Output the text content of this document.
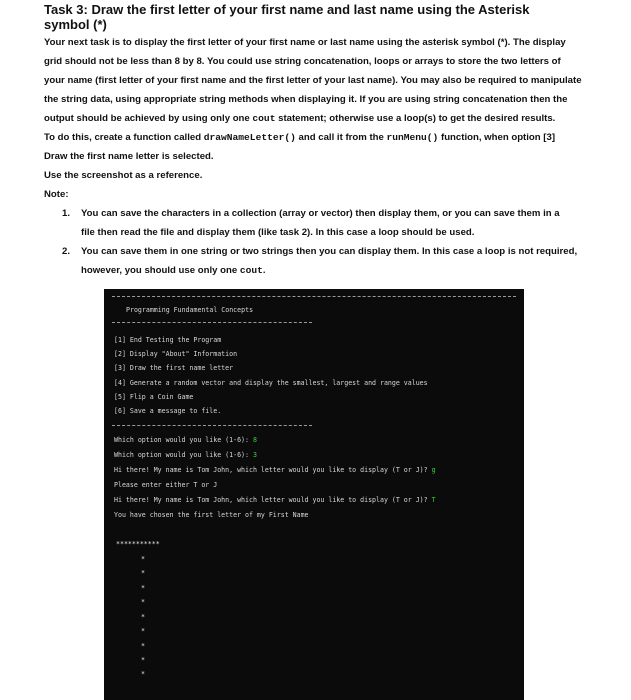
Task 3: Draw the first letter of your first name and last name using the Asterisk
symbol (*)

Your next task is to display the first letter of your first name or last name using the asterisk symbol (*). The display

grid should not be less than 8 by 8. You could use string concatenation, loops or arrays to store the two letters of

your name (first letter of your first name and the first letter of your last name). You may also be required to manipulate

the string data, using appropriate string methods when displaying it. If you are using string concatenation then the

output should be achieved by using only one cout statement; otherwise use a loop(s) to get the desired results.

To do this, create a function called drawNameLetter() and call it from the runMenu() function, when option [3]

Draw the first name letter is selected.

Use the screenshot as a reference.

Note:

1. You can save the characters in a collection (array or vector) then display them, or you can save them in a
file then read the file and display them (like task 2). In this case a loop should be used.
2. You can save them in one string or two strings then you can display them. In this case a loop is not required,
however, you should use only one cout.
Programming Fundamental Concepts
[1] End Testing the Program
[2] Display "About" Information
[3] Draw the first name letter
[4] Generate a random vector and display the smallest, largest and range values
[5] Flip a Coin Game
[6] Save a message to file.
Which option would you like (1-6): 8
Which option would you like (1-6): 3
Hi there! My name is Tom John, which letter would you like to display (T or J)? g
Please enter either T or J
Hi there! My name is Tom John, which letter would you like to display (T or J)? T
You have chosen the first letter of my First Name
***********
*
*
*
*
*
*
*
*
*
